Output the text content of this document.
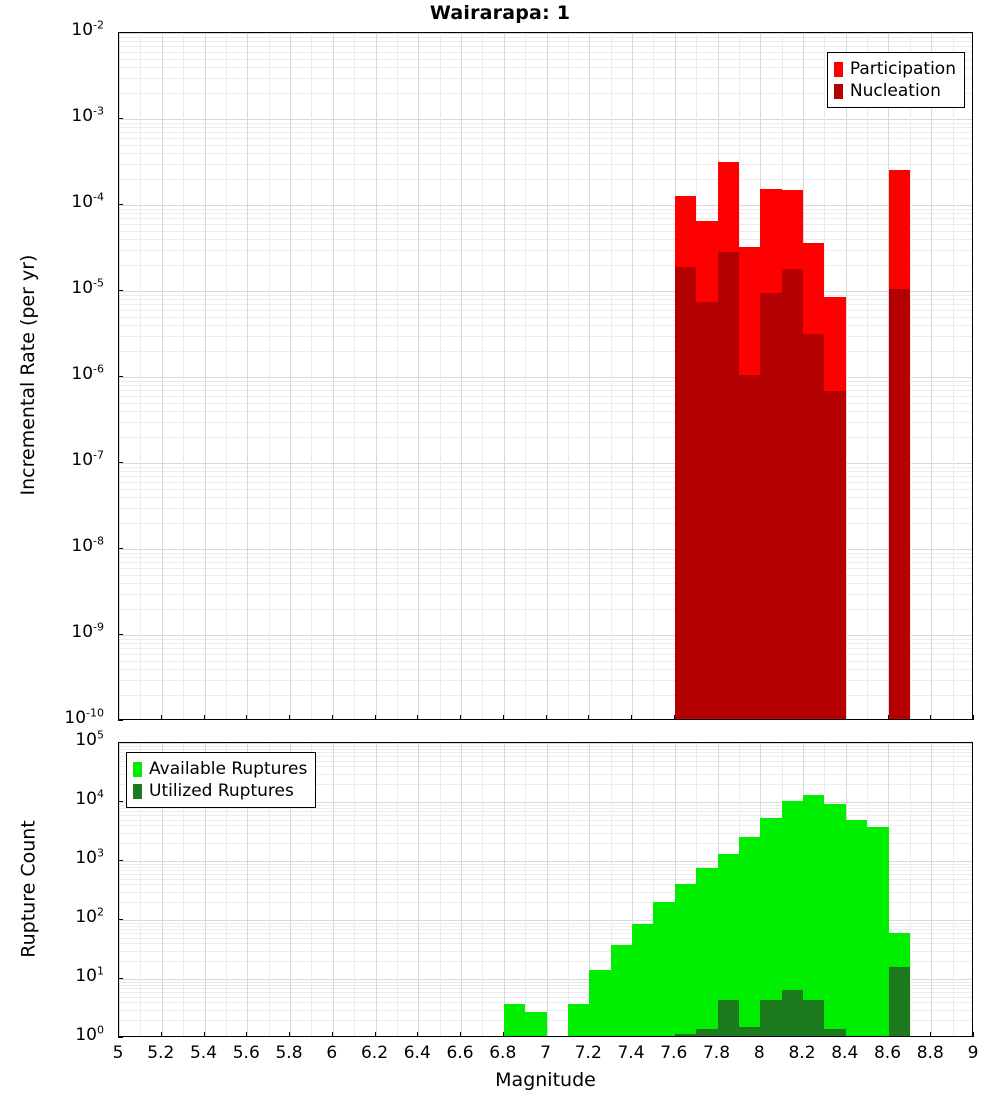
Wairarapa: 1
$10^{-10}$
$10^{-9}$
$10^{-8}$
$10^{-7}$
$10^{-6}$
$10^{-5}$
$10^{-4}$
$10^{-3}$
$10^{-2}$
Incremental Rate (per yr)
Participation
Nucleation
$10^0$
$10^1$
$10^2$
$10^3$
$10^4$
$10^5$
5	5.2 5.4 5.6 5.8	6	6.2 6.4 6.6 6.8	7	7.2 7.4 7.6 7.8	8	8.2 8.4 8.6 8.8	9
Rupture Count
Magnitude
Available Ruptures
Utilized Ruptures
